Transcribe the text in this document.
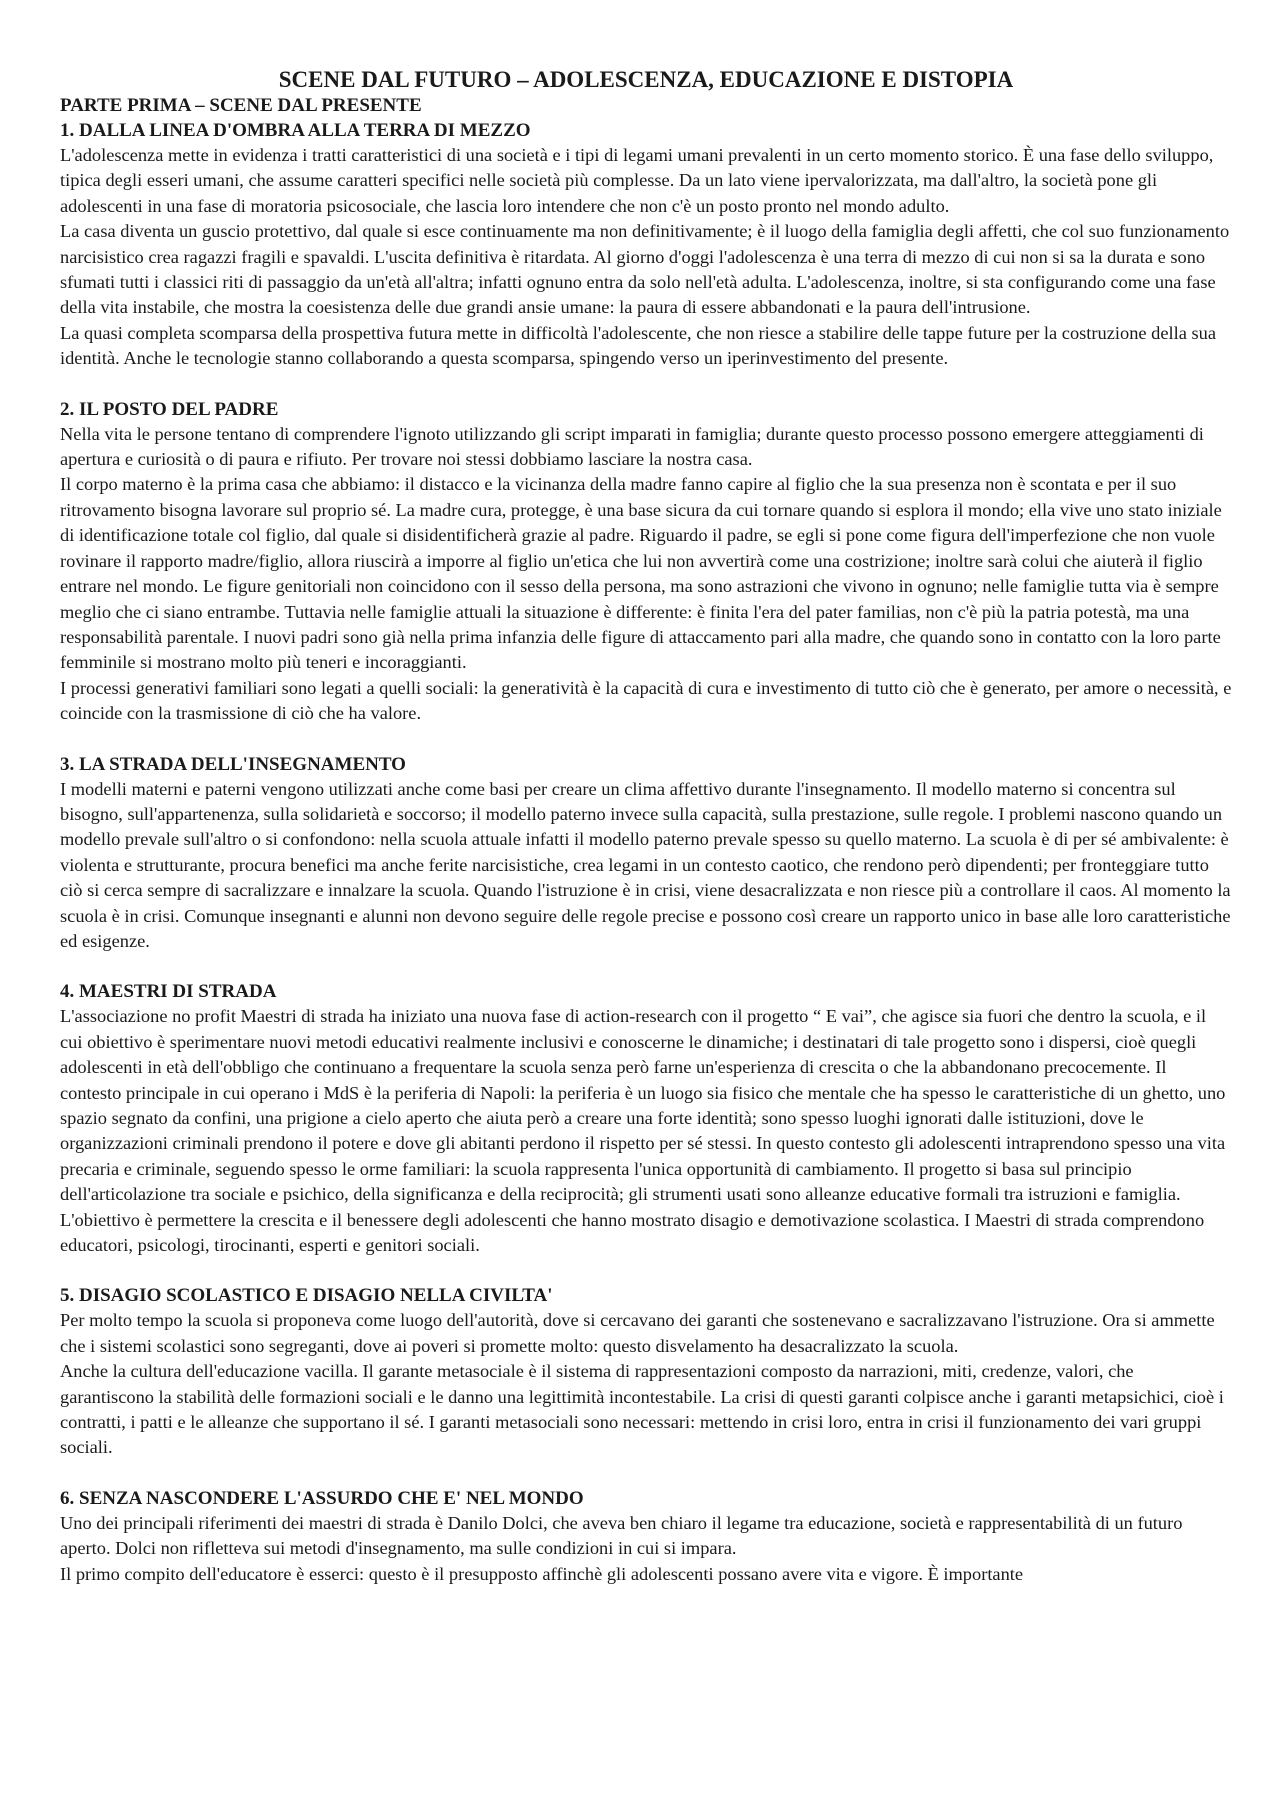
SCENE DAL FUTURO – ADOLESCENZA, EDUCAZIONE E DISTOPIA
PARTE PRIMA – SCENE DAL PRESENTE
1. DALLA LINEA D'OMBRA ALLA TERRA DI MEZZO

L'adolescenza mette in evidenza i tratti caratteristici di una società e i tipi di legami umani prevalenti in un certo momento storico. È una fase dello sviluppo, tipica degli esseri umani, che assume caratteri specifici nelle società più complesse. Da un lato viene ipervalorizzata, ma dall'altro, la società pone gli adolescenti in una fase di moratoria psicosociale, che lascia loro intendere che non c'è un posto pronto nel mondo adulto.

La casa diventa un guscio protettivo, dal quale si esce continuamente ma non definitivamente; è il luogo della famiglia degli affetti, che col suo funzionamento narcisistico crea ragazzi fragili e spavaldi. L'uscita definitiva è ritardata. Al giorno d'oggi l'adolescenza è una terra di mezzo di cui non si sa la durata e sono sfumati tutti i classici riti di passaggio da un'età all'altra; infatti ognuno entra da solo nell'età adulta. L'adolescenza, inoltre, si sta configurando come una fase della vita instabile, che mostra la coesistenza delle due grandi ansie umane: la paura di essere abbandonati e la paura dell'intrusione.

La quasi completa scomparsa della prospettiva futura mette in difficoltà l'adolescente, che non riesce a stabilire delle tappe future per la costruzione della sua identità. Anche le tecnologie stanno collaborando a questa scomparsa, spingendo verso un iperinvestimento del presente.

2. IL POSTO DEL PADRE

Nella vita le persone tentano di comprendere l'ignoto utilizzando gli script imparati in famiglia; durante questo processo possono emergere atteggiamenti di apertura e curiosità o di paura e rifiuto. Per trovare noi stessi dobbiamo lasciare la nostra casa.

Il corpo materno è la prima casa che abbiamo: il distacco e la vicinanza della madre fanno capire al figlio che la sua presenza non è scontata e per il suo ritrovamento bisogna lavorare sul proprio sé. La madre cura, protegge, è una base sicura da cui tornare quando si esplora il mondo; ella vive uno stato iniziale di identificazione totale col figlio, dal quale si disidentificherà grazie al padre. Riguardo il padre, se egli si pone come figura dell'imperfezione che non vuole rovinare il rapporto madre/figlio, allora riuscirà a imporre al figlio un'etica che lui non avvertirà come una costrizione; inoltre sarà colui che aiuterà il figlio entrare nel mondo. Le figure genitoriali non coincidono con il sesso della persona, ma sono astrazioni che vivono in ognuno; nelle famiglie tutta via è sempre meglio che ci siano entrambe. Tuttavia nelle famiglie attuali la situazione è differente: è finita l'era del pater familias, non c'è più la patria potestà, ma una responsabilità parentale. I nuovi padri sono già nella prima infanzia delle figure di attaccamento pari alla madre, che quando sono in contatto con la loro parte femminile si mostrano molto più teneri e incoraggianti.

I processi generativi familiari sono legati a quelli sociali: la generatività è la capacità di cura e investimento di tutto ciò che è generato, per amore o necessità, e coincide con la trasmissione di ciò che ha valore.

3. LA STRADA DELL'INSEGNAMENTO

I modelli materni e paterni vengono utilizzati anche come basi per creare un clima affettivo durante l'insegnamento. Il modello materno si concentra sul bisogno, sull'appartenenza, sulla solidarietà e soccorso; il modello paterno invece sulla capacità, sulla prestazione, sulle regole. I problemi nascono quando un modello prevale sull'altro o si confondono: nella scuola attuale infatti il modello paterno prevale spesso su quello materno. La scuola è di per sé ambivalente: è violenta e strutturante, procura benefici ma anche ferite narcisistiche, crea legami in un contesto caotico, che rendono però dipendenti; per fronteggiare tutto ciò si cerca sempre di sacralizzare e innalzare la scuola. Quando l'istruzione è in crisi, viene desacralizzata e non riesce più a controllare il caos. Al momento la scuola è in crisi. Comunque insegnanti e alunni non devono seguire delle regole precise e possono così creare un rapporto unico in base alle loro caratteristiche ed esigenze.

4. MAESTRI DI STRADA

L'associazione no profit Maestri di strada ha iniziato una nuova fase di action-research con il progetto “ E vai”, che agisce sia fuori che dentro la scuola, e il cui obiettivo è sperimentare nuovi metodi educativi realmente inclusivi e conoscerne le dinamiche; i destinatari di tale progetto sono i dispersi, cioè quegli adolescenti in età dell'obbligo che continuano a frequentare la scuola senza però farne un'esperienza di crescita o che la abbandonano precocemente. Il contesto principale in cui operano i MdS è la periferia di Napoli: la periferia è un luogo sia fisico che mentale che ha spesso le caratteristiche di un ghetto, uno spazio segnato da confini, una prigione a cielo aperto che aiuta però a creare una forte identità; sono spesso luoghi ignorati dalle istituzioni, dove le organizzazioni criminali prendono il potere e dove gli abitanti perdono il rispetto per sé stessi. In questo contesto gli adolescenti intraprendono spesso una vita precaria e criminale, seguendo spesso le orme familiari: la scuola rappresenta l'unica opportunità di cambiamento. Il progetto si basa sul principio dell'articolazione tra sociale e psichico, della significanza e della reciprocità; gli strumenti usati sono alleanze educative formali tra istruzioni e famiglia. L'obiettivo è permettere la crescita e il benessere degli adolescenti che hanno mostrato disagio e demotivazione scolastica. I Maestri di strada comprendono educatori, psicologi, tirocinanti, esperti e genitori sociali.

5. DISAGIO SCOLASTICO E DISAGIO NELLA CIVILTA'

Per molto tempo la scuola si proponeva come luogo dell'autorità, dove si cercavano dei garanti che sostenevano e sacralizzavano l'istruzione. Ora si ammette che i sistemi scolastici sono segreganti, dove ai poveri si promette molto: questo disvelamento ha desacralizzato la scuola.

Anche la cultura dell'educazione vacilla. Il garante metasociale è il sistema di rappresentazioni composto da narrazioni, miti, credenze, valori, che garantiscono la stabilità delle formazioni sociali e le danno una legittimità incontestabile. La crisi di questi garanti colpisce anche i garanti metapsichici, cioè i contratti, i patti e le alleanze che supportano il sé. I garanti metasociali sono necessari: mettendo in crisi loro, entra in crisi il funzionamento dei vari gruppi sociali.

6. SENZA NASCONDERE L'ASSURDO CHE E' NEL MONDO

Uno dei principali riferimenti dei maestri di strada è Danilo Dolci, che aveva ben chiaro il legame tra educazione, società e rappresentabilità di un futuro aperto. Dolci non rifletteva sui metodi d'insegnamento, ma sulle condizioni in cui si impara.

Il primo compito dell'educatore è esserci: questo è il presupposto affinchè gli adolescenti possano avere vita e vigore. È importante
